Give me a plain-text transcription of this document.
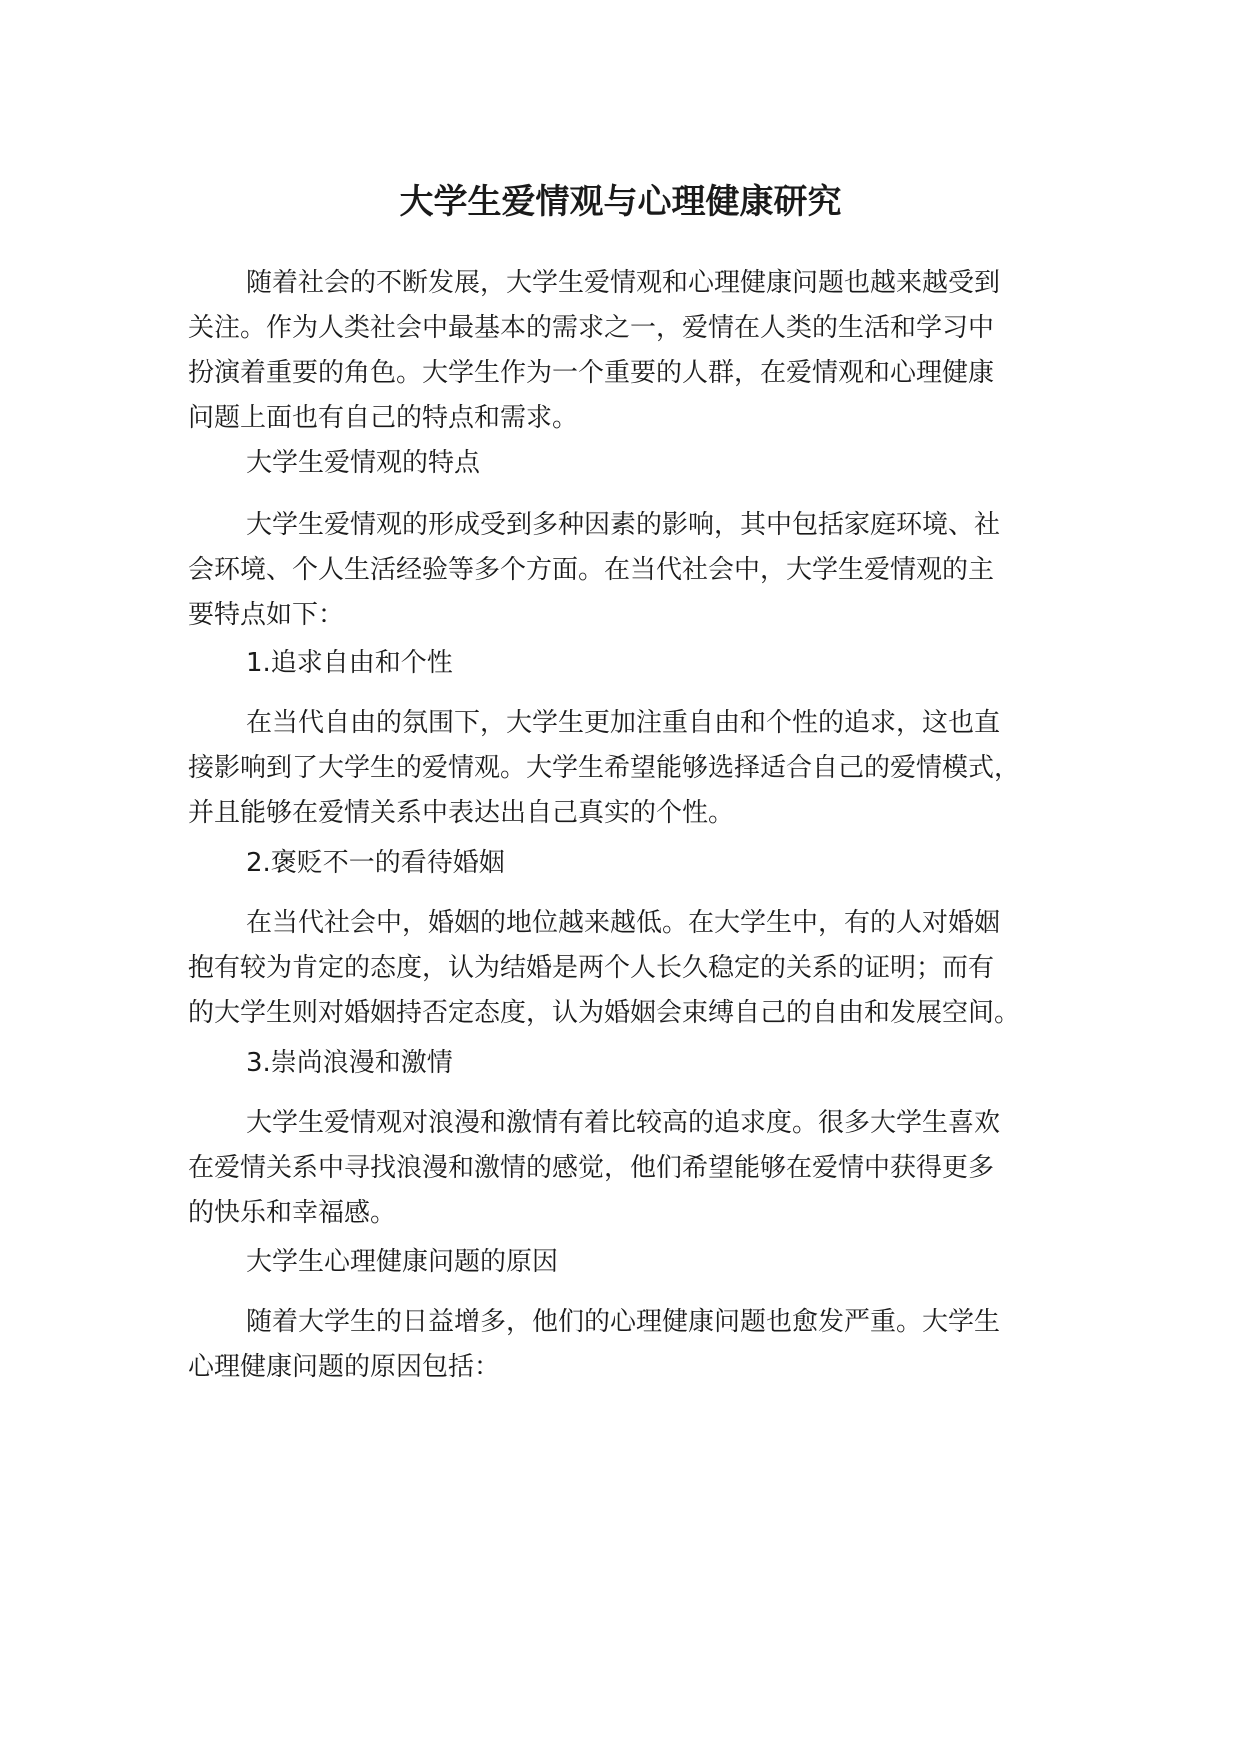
大学生爱情观与心理健康研究
随着社会的不断发展，大学生爱情观和心理健康问题也越来越受到
关注。作为人类社会中最基本的需求之一，爱情在人类的生活和学习中
扮演着重要的角色。大学生作为一个重要的人群，在爱情观和心理健康
问题上面也有自己的特点和需求。
大学生爱情观的特点
大学生爱情观的形成受到多种因素的影响，其中包括家庭环境、社
会环境、个人生活经验等多个方面。在当代社会中，大学生爱情观的主
要特点如下：
1.追求自由和个性
在当代自由的氛围下，大学生更加注重自由和个性的追求，这也直
接影响到了大学生的爱情观。大学生希望能够选择适合自己的爱情模式，
并且能够在爱情关系中表达出自己真实的个性。
2.褒贬不一的看待婚姻
在当代社会中，婚姻的地位越来越低。在大学生中，有的人对婚姻
抱有较为肯定的态度，认为结婚是两个人长久稳定的关系的证明；而有
的大学生则对婚姻持否定态度，认为婚姻会束缚自己的自由和发展空间。
3.崇尚浪漫和激情
大学生爱情观对浪漫和激情有着比较高的追求度。很多大学生喜欢
在爱情关系中寻找浪漫和激情的感觉，他们希望能够在爱情中获得更多
的快乐和幸福感。
大学生心理健康问题的原因
随着大学生的日益增多，他们的心理健康问题也愈发严重。大学生
心理健康问题的原因包括：
